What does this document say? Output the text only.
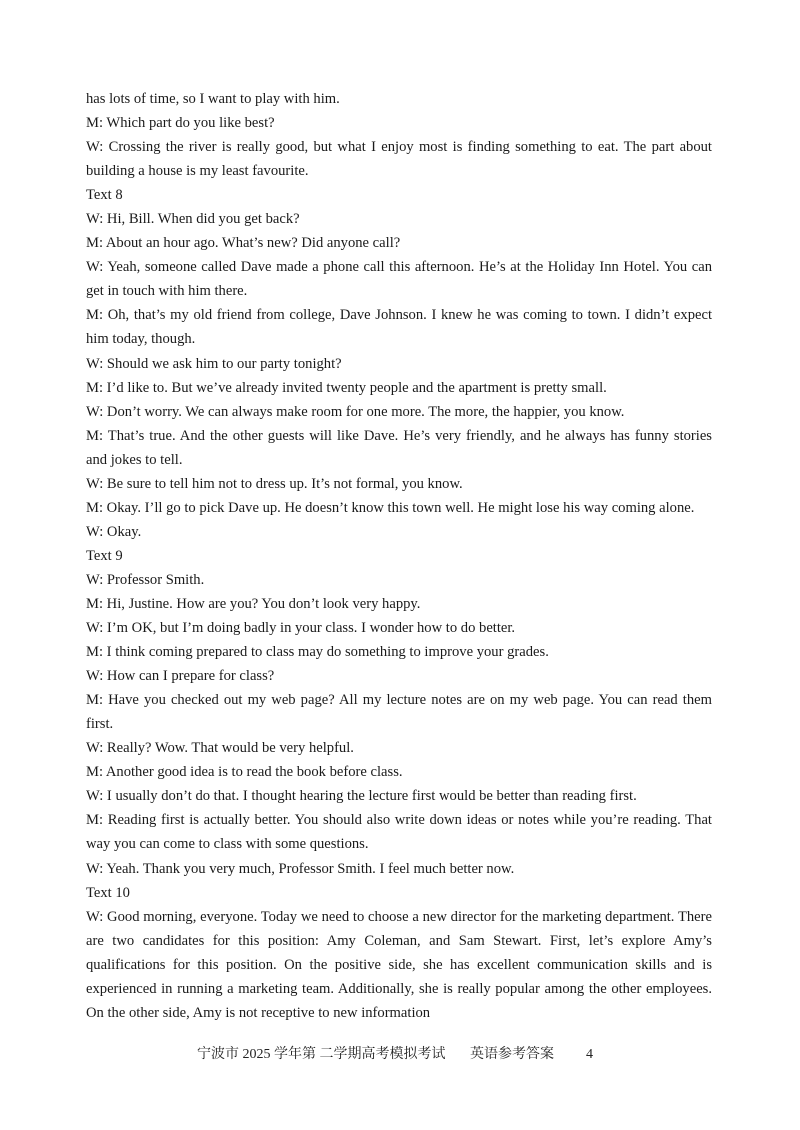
has lots of time, so I want to play with him.

M: Which part do you like best?

W: Crossing the river is really good, but what I enjoy most is finding something to eat. The part about building a house is my least favourite.

Text 8

W: Hi, Bill. When did you get back?

M: About an hour ago. What’s new? Did anyone call?

W: Yeah, someone called Dave made a phone call this afternoon. He’s at the Holiday Inn Hotel. You can get in touch with him there.

M: Oh, that’s my old friend from college, Dave Johnson. I knew he was coming to town. I didn’t expect him today, though.

W: Should we ask him to our party tonight?

M: I’d like to. But we’ve already invited twenty people and the apartment is pretty small.

W: Don’t worry. We can always make room for one more. The more, the happier, you know.

M: That’s true. And the other guests will like Dave. He’s very friendly, and he always has funny stories and jokes to tell.

W: Be sure to tell him not to dress up. It’s not formal, you know.

M: Okay. I’ll go to pick Dave up. He doesn’t know this town well. He might lose his way coming alone.

W: Okay.

Text 9

W: Professor Smith.

M: Hi, Justine. How are you? You don’t look very happy.

W: I’m OK, but I’m doing badly in your class. I wonder how to do better.

M: I think coming prepared to class may do something to improve your grades.

W: How can I prepare for class?

M: Have you checked out my web page? All my lecture notes are on my web page. You can read them first.

W: Really? Wow. That would be very helpful.

M: Another good idea is to read the book before class.

W: I usually don’t do that. I thought hearing the lecture first would be better than reading first.

M: Reading first is actually better. You should also write down ideas or notes while you’re reading. That way you can come to class with some questions.

W: Yeah. Thank you very much, Professor Smith. I feel much better now.

Text 10

W: Good morning, everyone. Today we need to choose a new director for the marketing department. There are two candidates for this position: Amy Coleman, and Sam Stewart. First, let’s explore Amy’s qualifications for this position. On the positive side, she has excellent communication skills and is experienced in running a marketing team. Additionally, she is really popular among the other employees. On the other side, Amy is not receptive to new information

宁波市 2025 学年第 二学期高考模拟考试 英语参考答案 4
